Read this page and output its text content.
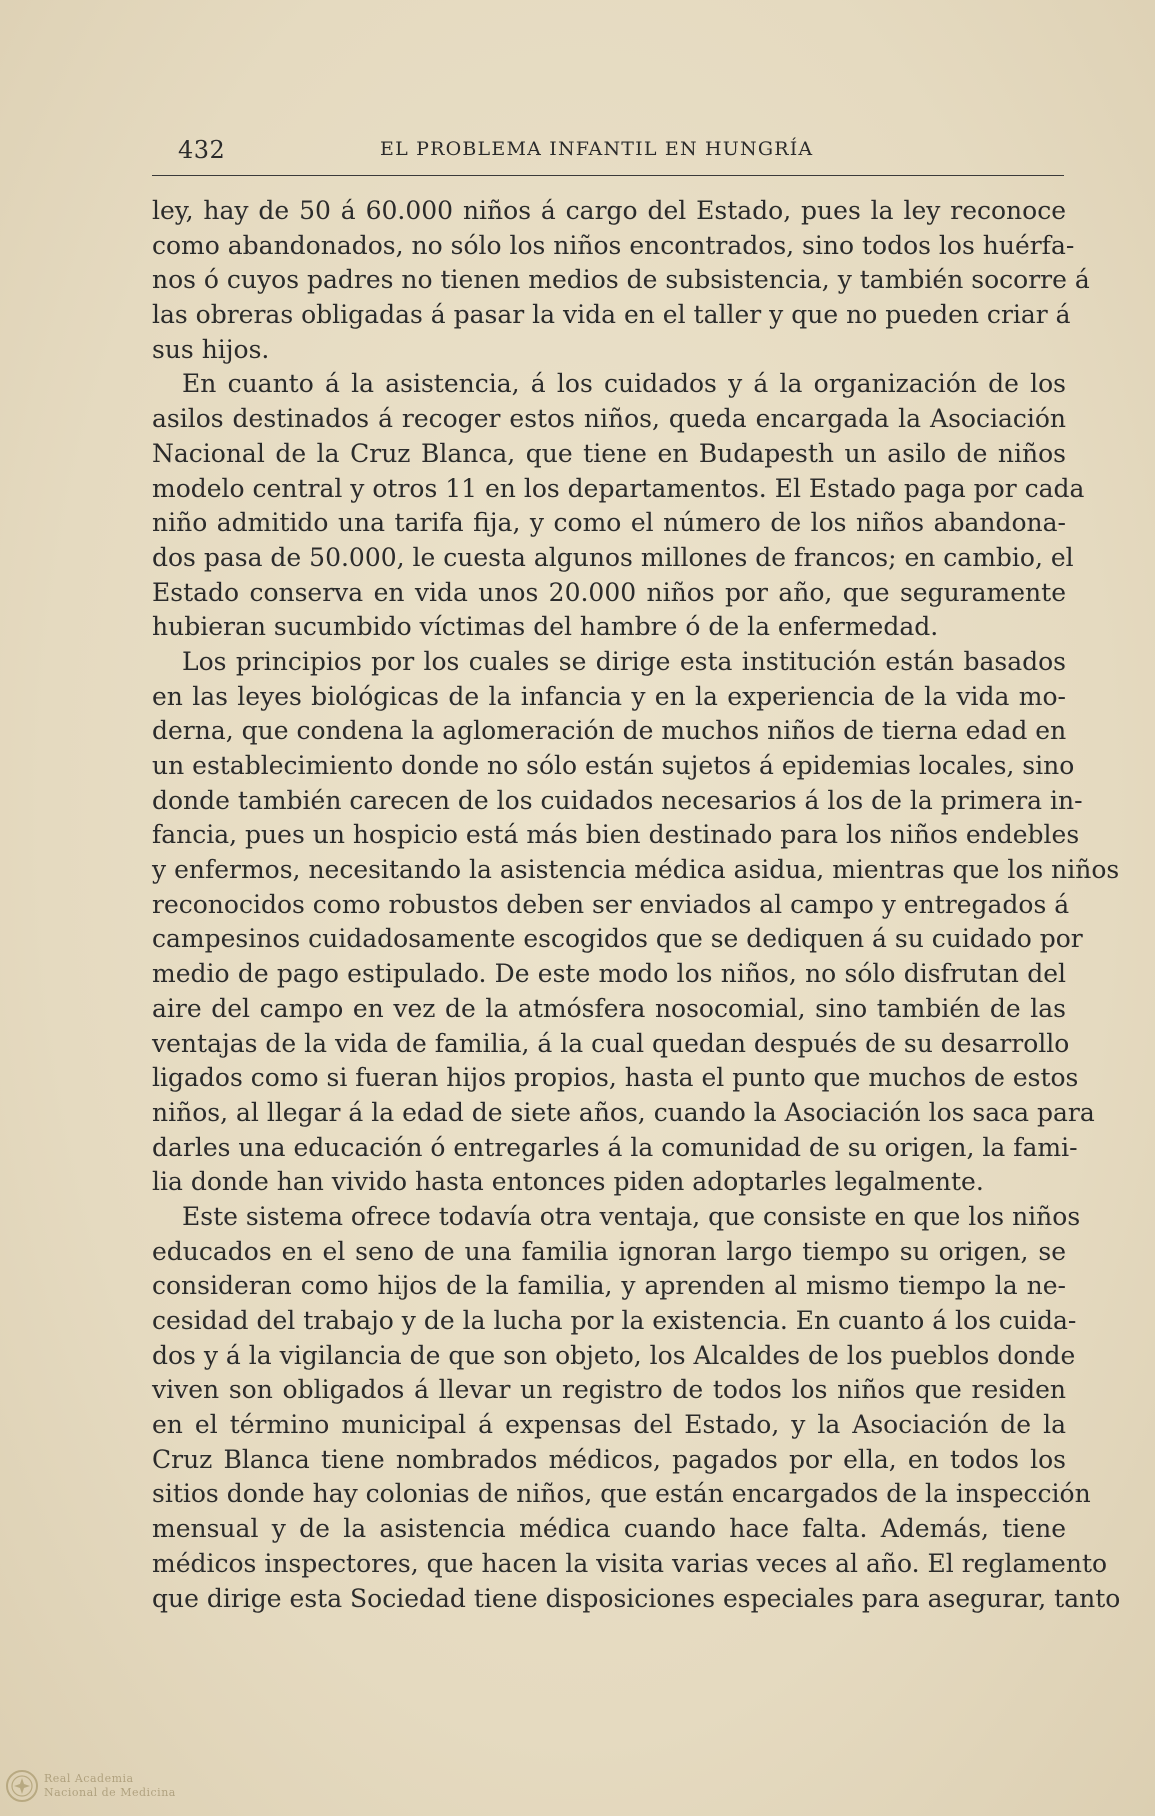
432	EL PROBLEMA INFANTIL EN HUNGRÍA
ley, hay de 50 á 60.000 niños á cargo del Estado, pues la ley reconoce
como abandonados, no sólo los niños encontrados, sino todos los huérfa-
nos ó cuyos padres no tienen medios de subsistencia, y también socorre á
las obreras obligadas á pasar la vida en el taller y que no pueden criar á
sus hijos.
En cuanto á la asistencia, á los cuidados y á la organización de los
asilos destinados á recoger estos niños, queda encargada la Asociación
Nacional de la Cruz Blanca, que tiene en Budapesth un asilo de niños
modelo central y otros 11 en los departamentos. El Estado paga por cada
niño admitido una tarifa fija, y como el número de los niños abandona-
dos pasa de 50.000, le cuesta algunos millones de francos; en cambio, el
Estado conserva en vida unos 20.000 niños por año, que seguramente
hubieran sucumbido víctimas del hambre ó de la enfermedad.
Los principios por los cuales se dirige esta institución están basados
en las leyes biológicas de la infancia y en la experiencia de la vida mo-
derna, que condena la aglomeración de muchos niños de tierna edad en
un establecimiento donde no sólo están sujetos á epidemias locales, sino
donde también carecen de los cuidados necesarios á los de la primera in-
fancia, pues un hospicio está más bien destinado para los niños endebles
y enfermos, necesitando la asistencia médica asidua, mientras que los niños
reconocidos como robustos deben ser enviados al campo y entregados á
campesinos cuidadosamente escogidos que se dediquen á su cuidado por
medio de pago estipulado. De este modo los niños, no sólo disfrutan del
aire del campo en vez de la atmósfera nosocomial, sino también de las
ventajas de la vida de familia, á la cual quedan después de su desarrollo
ligados como si fueran hijos propios, hasta el punto que muchos de estos
niños, al llegar á la edad de siete años, cuando la Asociación los saca para
darles una educación ó entregarles á la comunidad de su origen, la fami-
lia donde han vivido hasta entonces piden adoptarles legalmente.
Este sistema ofrece todavía otra ventaja, que consiste en que los niños
educados en el seno de una familia ignoran largo tiempo su origen, se
consideran como hijos de la familia, y aprenden al mismo tiempo la ne-
cesidad del trabajo y de la lucha por la existencia. En cuanto á los cuida-
dos y á la vigilancia de que son objeto, los Alcaldes de los pueblos donde
viven son obligados á llevar un registro de todos los niños que residen
en el término municipal á expensas del Estado, y la Asociación de la
Cruz Blanca tiene nombrados médicos, pagados por ella, en todos los
sitios donde hay colonias de niños, que están encargados de la inspección
mensual y de la asistencia médica cuando hace falta. Además, tiene
médicos inspectores, que hacen la visita varias veces al año. El reglamento
que dirige esta Sociedad tiene disposiciones especiales para asegurar, tanto
Real Academia
Nacional de Medicina
